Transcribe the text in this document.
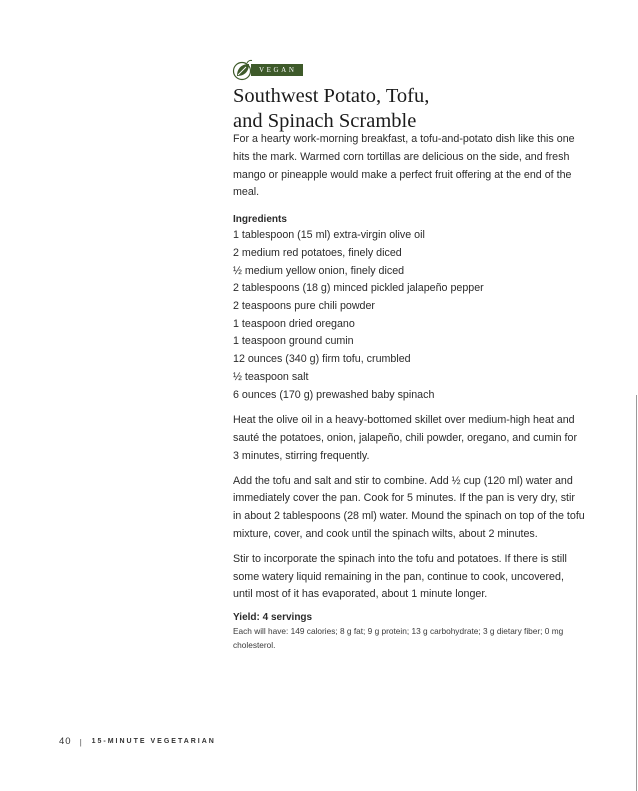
VEGAN
Southwest Potato, Tofu,
and Spinach Scramble

For a hearty work-morning breakfast, a tofu-and-potato dish like this one hits the mark. Warmed corn tortillas are delicious on the side, and fresh mango or pineapple would make a perfect fruit offering at the end of the meal.

Ingredients

1 tablespoon (15 ml) extra-virgin olive oil
2 medium red potatoes, finely diced
½ medium yellow onion, finely diced
2 tablespoons (18 g) minced pickled jalapeño pepper
2 teaspoons pure chili powder
1 teaspoon dried oregano
1 teaspoon ground cumin
12 ounces (340 g) firm tofu, crumbled
½ teaspoon salt
6 ounces (170 g) prewashed baby spinach

Heat the olive oil in a heavy-bottomed skillet over medium-high heat and sauté the potatoes, onion, jalapeño, chili powder, oregano, and cumin for 3 minutes, stirring frequently.

Add the tofu and salt and stir to combine. Add ½ cup (120 ml) water and immediately cover the pan. Cook for 5 minutes. If the pan is very dry, stir in about 2 tablespoons (28 ml) water. Mound the spinach on top of the tofu mixture, cover, and cook until the spinach wilts, about 2 minutes.

Stir to incorporate the spinach into the tofu and potatoes. If there is still some watery liquid remaining in the pan, continue to cook, uncovered, until most of it has evaporated, about 1 minute longer.

Yield: 4 servings

Each will have: 149 calories; 8 g fat; 9 g protein; 13 g carbohydrate; 3 g dietary fiber; 0 mg cholesterol.

40 | 15-MINUTE VEGETARIAN
